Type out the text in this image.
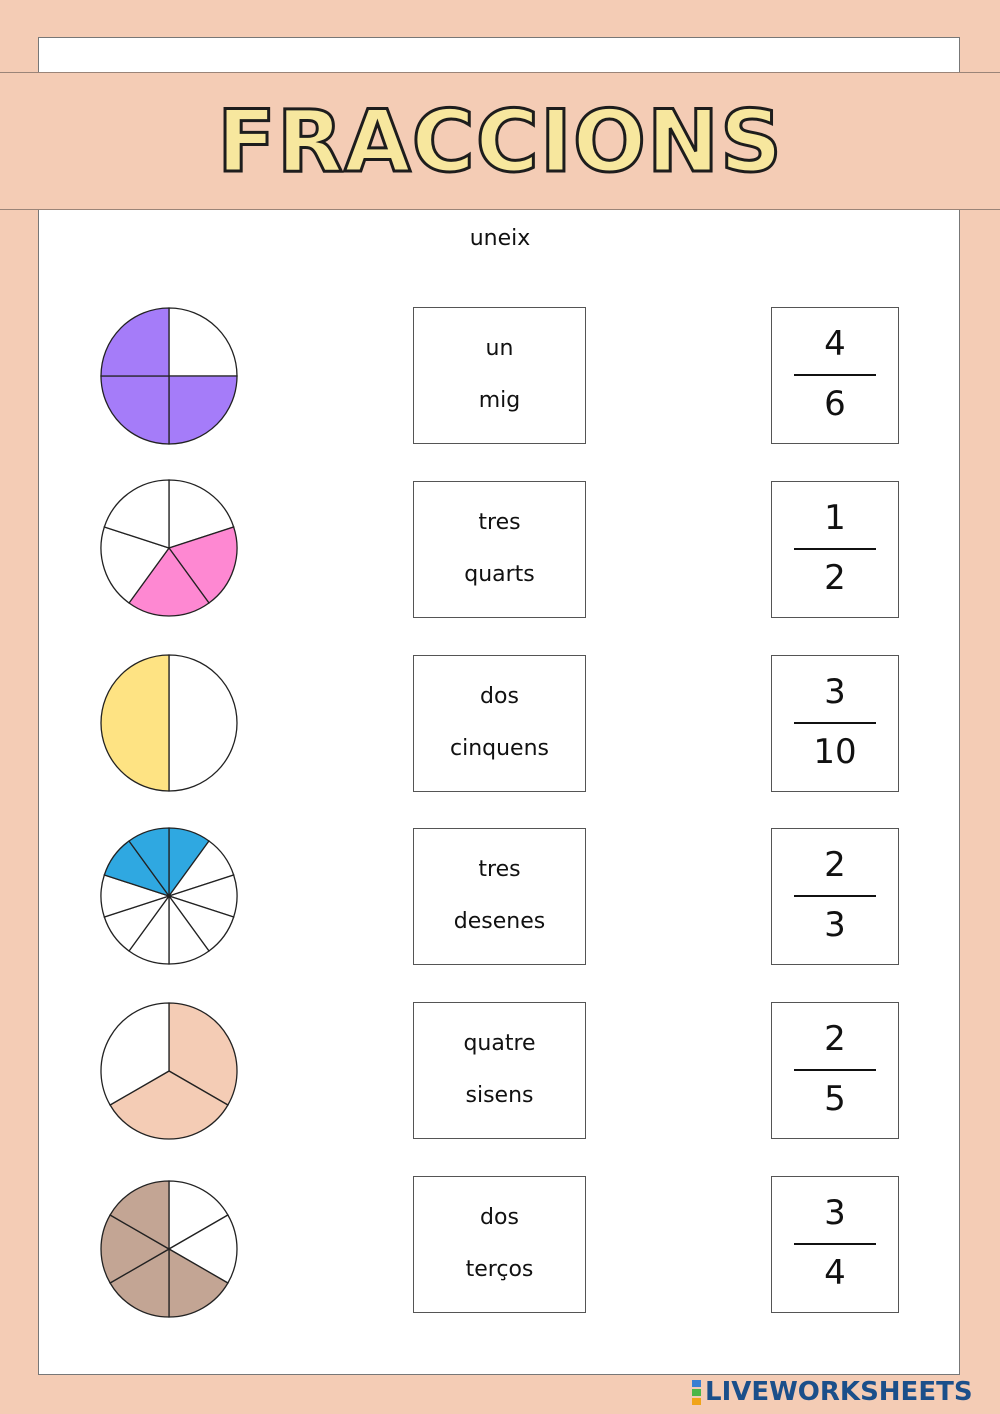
FRACCIONS
uneix
un
mig
tres
quarts
dos
cinquens
tres
desenes
quatre
sisens
dos
terços
4
6
1
2
3
10
2
3
2
5
3
4
LIVEWORKSHEETS
